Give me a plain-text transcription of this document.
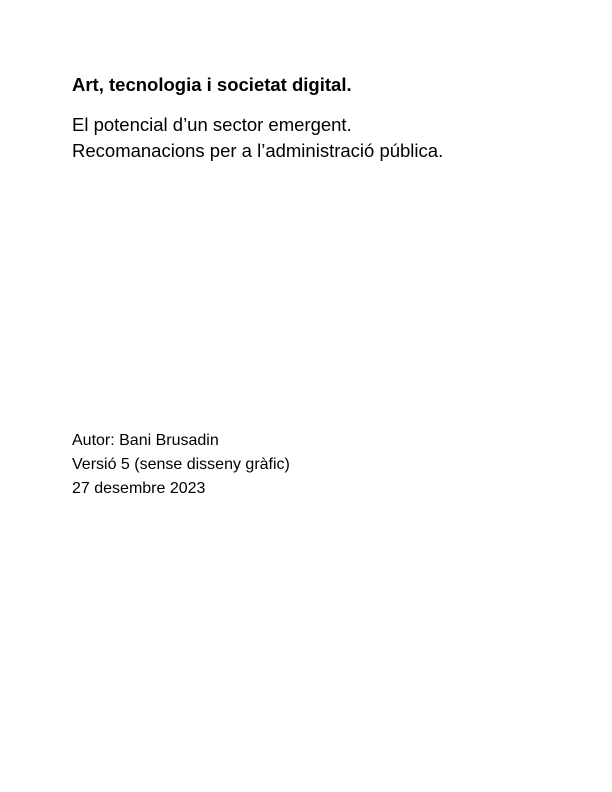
Art, tecnologia i societat digital.
El potencial d’un sector emergent.
Recomanacions per a l’administració pública.
Autor: Bani Brusadin
Versió 5 (sense disseny gràfic)
27 desembre 2023
